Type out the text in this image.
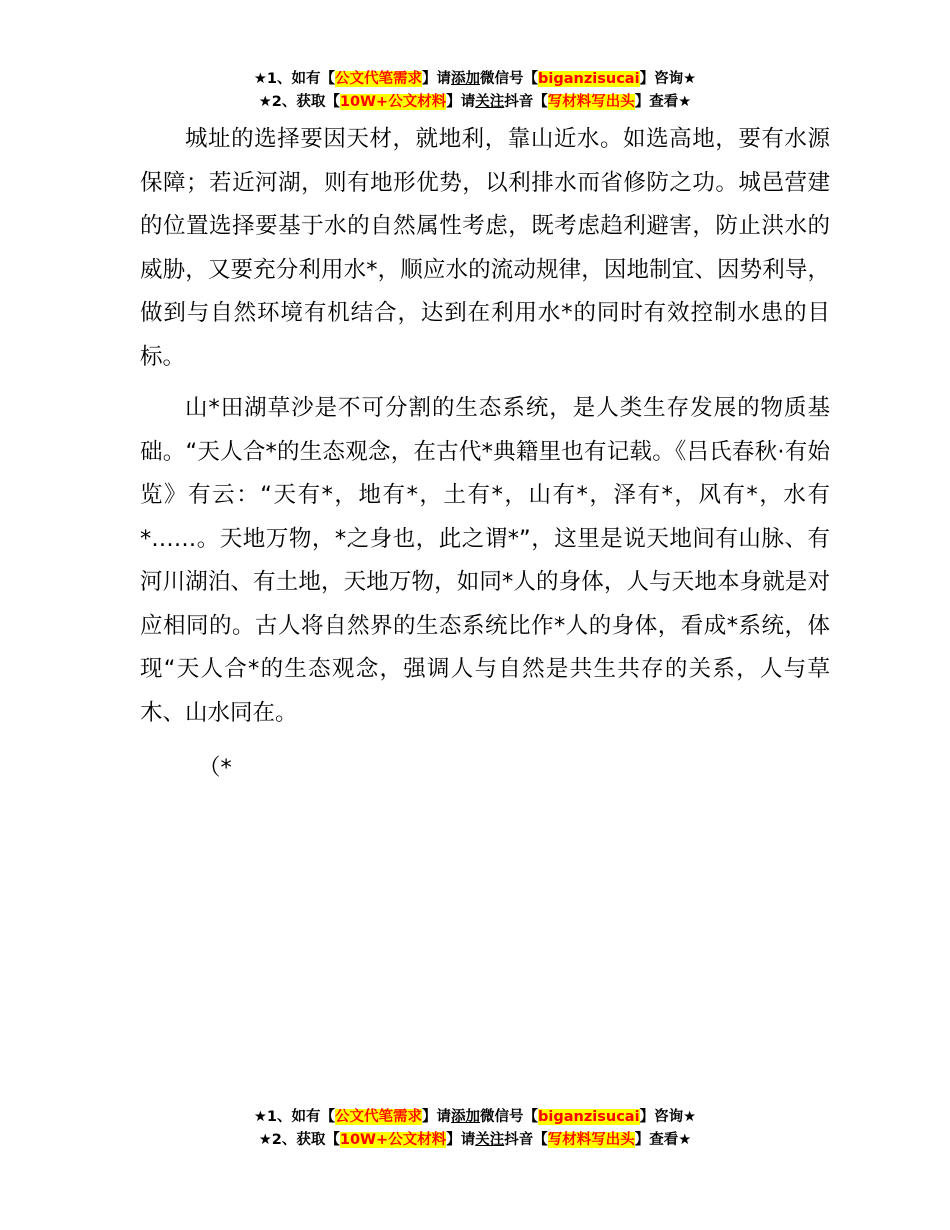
★1、如有【公文代笔需求】请添加微信号【biganzisucai】咨询★
★2、获取【10W+公文材料】请关注抖音【写材料写出头】查看★

城址的选择要因天材，就地利，靠山近水。如选高地，要有水源保障；若近河湖，则有地形优势，以利排水而省修防之功。城邑营建的位置选择要基于水的自然属性考虑，既考虑趋利避害，防止洪水的威胁，又要充分利用水*，顺应水的流动规律，因地制宜、因势利导，做到与自然环境有机结合，达到在利用水*的同时有效控制水患的目标。

山*田湖草沙是不可分割的生态系统，是人类生存发展的物质基础。“天人合*的生态观念，在古代*典籍里也有记载。《吕氏春秋·有始览》有云：“天有*，地有*，土有*，山有*，泽有*，风有*，水有*……。天地万物，*之身也，此之谓*”，这里是说天地间有山脉、有河川湖泊、有土地，天地万物，如同*人的身体，人与天地本身就是对应相同的。古人将自然界的生态系统比作*人的身体，看成*系统，体现“天人合*的生态观念，强调人与自然是共生共存的关系，人与草木、山水同在。

（*

★1、如有【公文代笔需求】请添加微信号【biganzisucai】咨询★
★2、获取【10W+公文材料】请关注抖音【写材料写出头】查看★
